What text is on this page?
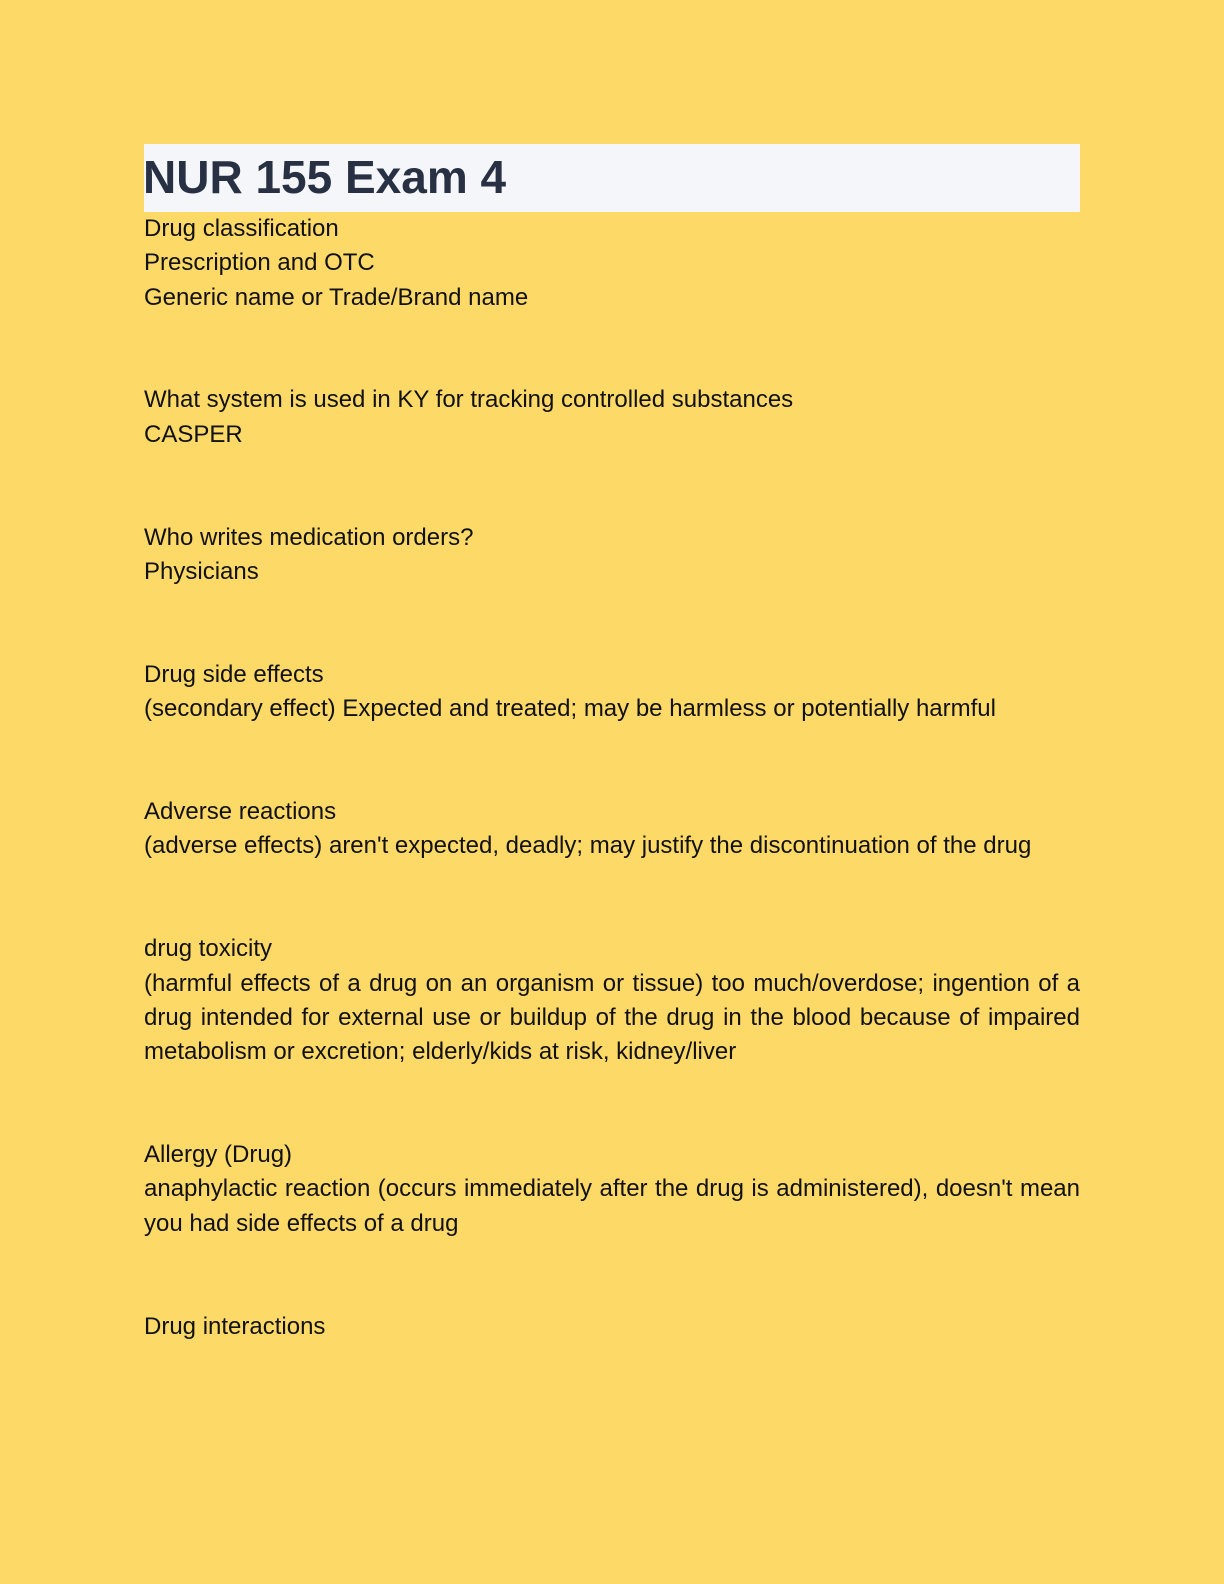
NUR 155 Exam 4

Drug classification

Prescription and OTC

Generic name or Trade/Brand name

What system is used in KY for tracking controlled substances

CASPER

Who writes medication orders?

Physicians

Drug side effects

(secondary effect) Expected and treated; may be harmless or potentially harmful

Adverse reactions

(adverse effects) aren't expected, deadly; may justify the discontinuation of the drug

drug toxicity

(harmful effects of a drug on an organism or tissue) too much/overdose; ingention of a drug intended for external use or buildup of the drug in the blood because of impaired metabolism or excretion; elderly/kids at risk, kidney/liver

Allergy (Drug)

anaphylactic reaction (occurs immediately after the drug is administered), doesn't mean you had side effects of a drug

Drug interactions
